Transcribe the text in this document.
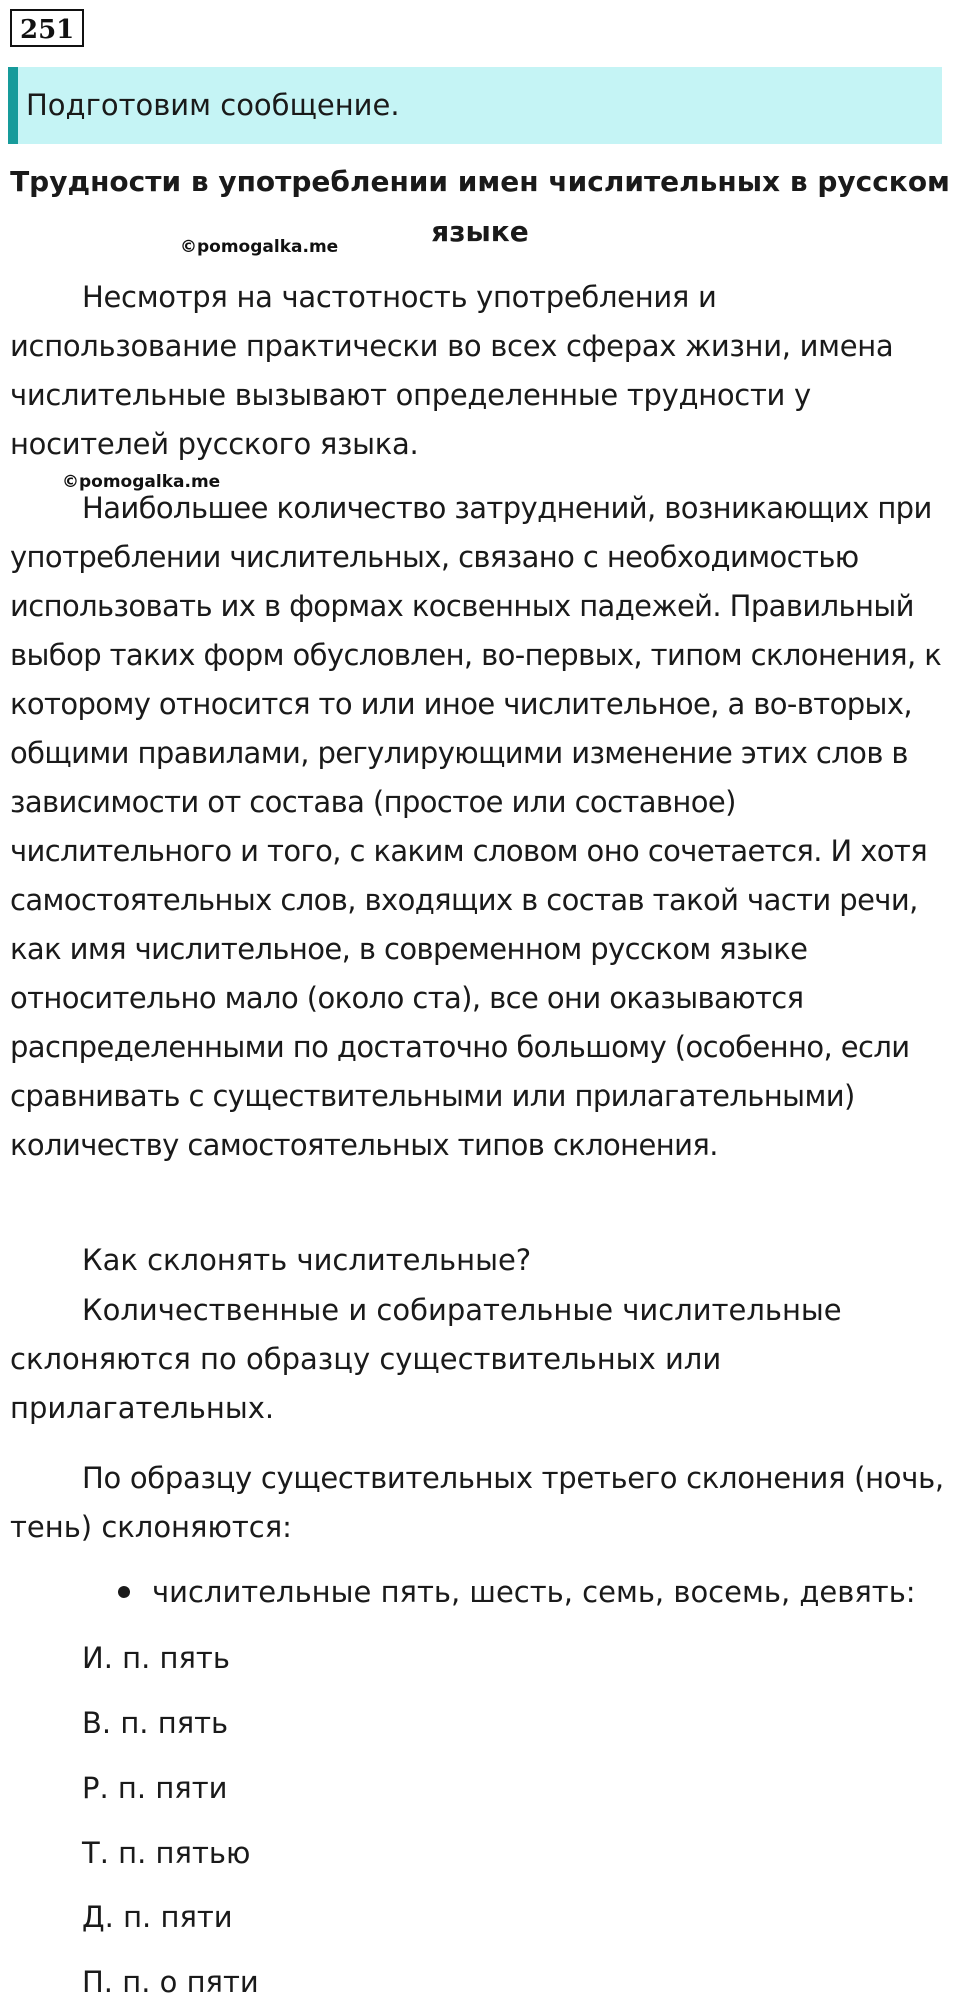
251
Подготовим сообщение.
Трудности в употреблении имен числительных в русском
языке
©pomogalka.me
©pomogalka.me

Несмотря на частотность употребления и использование практически во всех сферах жизни, имена числительные вызывают определенные трудности у носителей русского языка.

Наибольшее количество затруднений, возникающих при употреблении числительных, связано с необходимостью использовать их в формах косвенных падежей. Правильный выбор таких форм обусловлен, во-первых, типом склонения, к которому относится то или иное числительное, а во-вторых, общими правилами, регулирующими изменение этих слов в зависимости от состава (простое или составное) числительного и того, с каким словом оно сочетается. И хотя самостоятельных слов, входящих в состав такой части речи, как имя числительное, в современном русском языке относительно мало (около ста), все они оказываются распределенными по достаточно большому (особенно, если сравнивать с существительными или прилагательными) количеству самостоятельных типов склонения.

Как склонять числительные?
Количественные и собирательные числительные
склоняются по образцу существительных или
прилагательных.
По образцу существительных третьего склонения (ночь,
тень) склоняются:
числительные пять, шесть, семь, восемь, девять:
И. п. пять
В. п. пять
Р. п. пяти
Т. п. пятью
Д. п. пяти
П. п. о пяти
